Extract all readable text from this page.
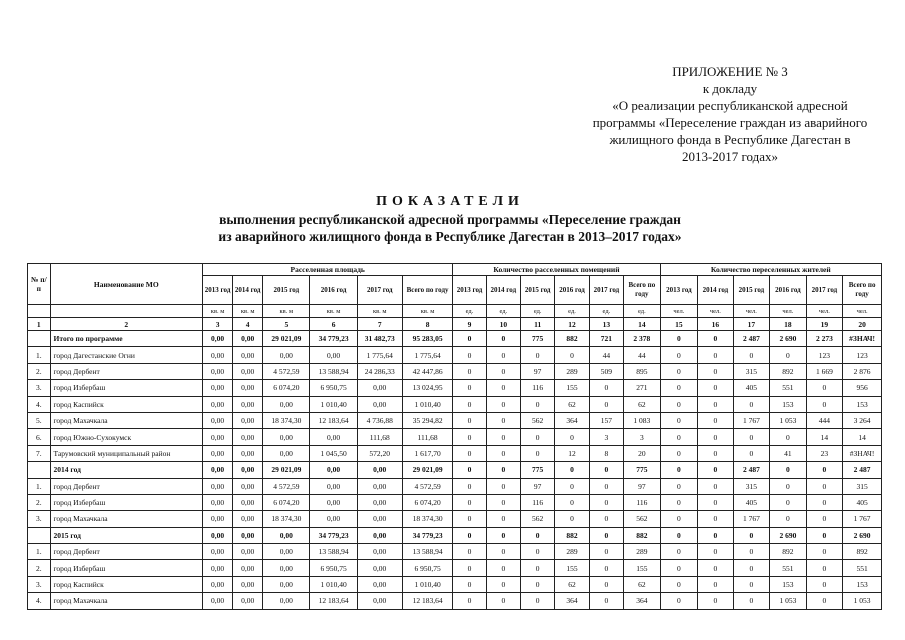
ПРИЛОЖЕНИЕ № 3
к докладу
«О реализации республиканской адресной
программы «Переселение граждан из аварийного
жилищного фонда в Республике Дагестан в
2013-2017 годах»
ПОКАЗАТЕЛИ
выполнения республиканской адресной программы «Переселение граждан
из аварийного жилищного фонда в Республике Дагестан в 2013–2017 годах»
№ п/п	Наименование МО	Расселенная площадь						Количество расселенных помещений						Количество переселенных жителей					
		2013 год	2014 год	2015 год	2016 год	2017 год	Всего по году	2013 год	2014 год	2015 год	2016 год	2017 год	Всего по году	2013 год	2014 год	2015 год	2016 год	2017 год	Всего по году
		кв. м	кв. м	кв. м	кв. м	кв. м	кв. м	ед.	ед.	ед.	ед.	ед.	ед.	чел.	чел.	чел.	чел.	чел.	чел.
1	2	3	4	5	6	7	8	9	10	11	12	13	14	15	16	17	18	19	20
	Итого по программе	0,00	0,00	29 021,09	34 779,23	31 482,73	95 283,05	0	0	775	882	721	2 378	0	0	2 487	2 690	2 273	#ЗНАЧ!
1.	город Дагестанские Огни	0,00	0,00	0,00	0,00	1 775,64	1 775,64	0	0	0	0	44	44	0	0	0	0	123	123
2.	город Дербент	0,00	0,00	4 572,59	13 588,94	24 286,33	42 447,86	0	0	97	289	509	895	0	0	315	892	1 669	2 876
3.	город Избербаш	0,00	0,00	6 074,20	6 950,75	0,00	13 024,95	0	0	116	155	0	271	0	0	405	551	0	956
4.	город Каспийск	0,00	0,00	0,00	1 010,40	0,00	1 010,40	0	0	0	62	0	62	0	0	0	153	0	153
5.	город Махачкала	0,00	0,00	18 374,30	12 183,64	4 736,88	35 294,82	0	0	562	364	157	1 083	0	0	1 767	1 053	444	3 264
6.	город Южно-Сухокумск	0,00	0,00	0,00	0,00	111,68	111,68	0	0	0	0	3	3	0	0	0	0	14	14
7.	Тарумовский муниципальный район	0,00	0,00	0,00	1 045,50	572,20	1 617,70	0	0	0	12	8	20	0	0	0	41	23	#ЗНАЧ!
	2014 год	0,00	0,00	29 021,09	0,00	0,00	29 021,09	0	0	775	0	0	775	0	0	2 487	0	0	2 487
1.	город Дербент	0,00	0,00	4 572,59	0,00	0,00	4 572,59	0	0	97	0	0	97	0	0	315	0	0	315
2.	город Избербаш	0,00	0,00	6 074,20	0,00	0,00	6 074,20	0	0	116	0	0	116	0	0	405	0	0	405
3.	город Махачкала	0,00	0,00	18 374,30	0,00	0,00	18 374,30	0	0	562	0	0	562	0	0	1 767	0	0	1 767
	2015 год	0,00	0,00	0,00	34 779,23	0,00	34 779,23	0	0	0	882	0	882	0	0	0	2 690	0	2 690
1.	город Дербент	0,00	0,00	0,00	13 588,94	0,00	13 588,94	0	0	0	289	0	289	0	0	0	892	0	892
2.	город Избербаш	0,00	0,00	0,00	6 950,75	0,00	6 950,75	0	0	0	155	0	155	0	0	0	551	0	551
3.	город Каспийск	0,00	0,00	0,00	1 010,40	0,00	1 010,40	0	0	0	62	0	62	0	0	0	153	0	153
4.	город Махачкала	0,00	0,00	0,00	12 183,64	0,00	12 183,64	0	0	0	364	0	364	0	0	0	1 053	0	1 053
